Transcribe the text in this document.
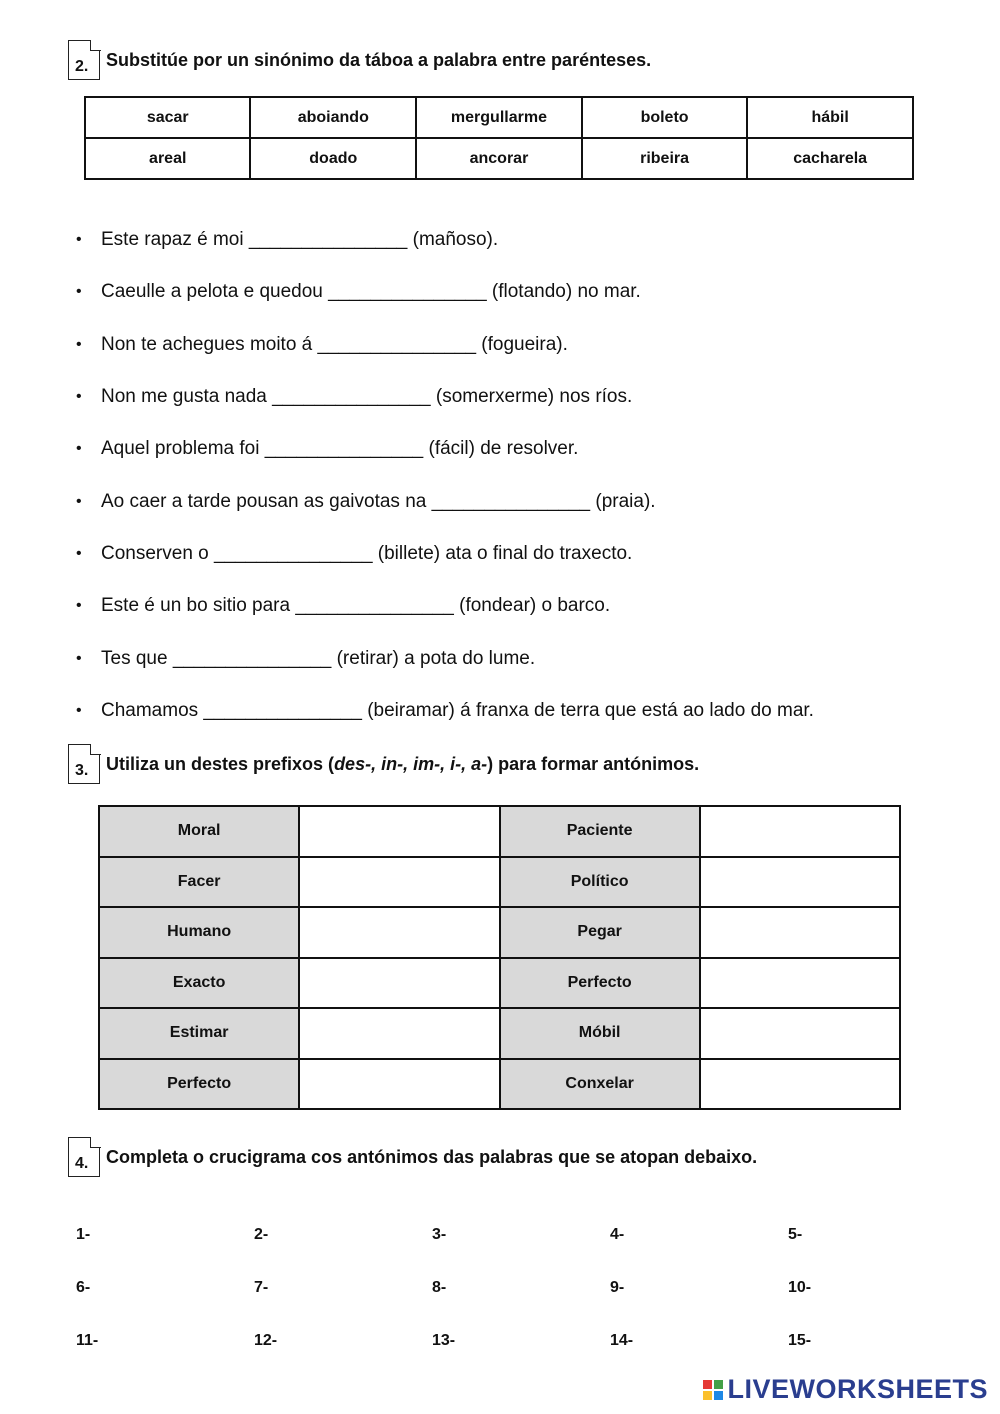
2. Substitúe por un sinónimo da táboa a palabra entre parénteses.
sacar	aboiando	mergullarme	boleto	hábil
areal	doado	ancorar	ribeira	cacharela
•	Este rapaz é moi _______________ (mañoso).
•	Caeulle a pelota e quedou _______________ (flotando) no mar.
•	Non te achegues moito á _______________ (fogueira).
•	Non me gusta nada _______________ (somerxerme) nos ríos.
•	Aquel problema foi _______________ (fácil) de resolver.
•	Ao caer a tarde pousan as gaivotas na _______________ (praia).
•	Conserven o _______________ (billete) ata o final do traxecto.
•	Este é un bo sitio para _______________ (fondear) o barco.
•	Tes que _______________ (retirar) a pota do lume.
•	Chamamos _______________ (beiramar) á franxa de terra que está ao lado do mar.
3. Utiliza un destes prefixos (des-, in-, im-, i-, a-) para formar antónimos.
Moral		Paciente	
Facer		Político	
Humano		Pegar	
Exacto		Perfecto	
Estimar		Móbil	
Perfecto		Conxelar	
4. Completa o crucigrama cos antónimos das palabras que se atopan debaixo.
1-	2-	3-	4-	5-
6-	7-	8-	9-	10-
11-	12-	13-	14-	15-
LIVEWORKSHEETS
